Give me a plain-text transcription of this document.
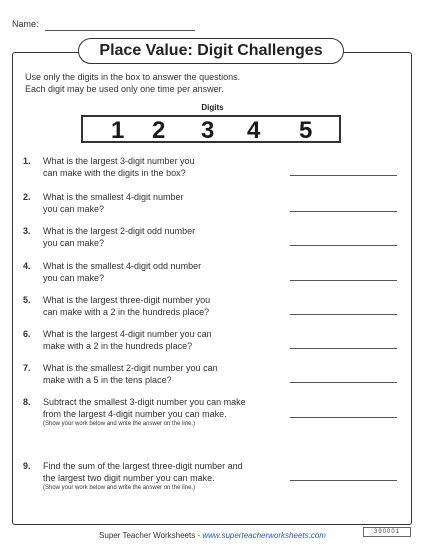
Name:
Place Value: Digit Challenges
Use only the digits in the box to answer the questions.
Each digit may be used only one time per answer.
Digits
1 2 3 4 5
1. What is the largest 3-digit number you
can make with the digits in the box?
2. What is the smallest 4-digit number
you can make?
3. What is the largest 2-digit odd number
you can make?
4. What is the smallest 4-digit odd number
you can make?
5. What is the largest three-digit number you
can make with a 2 in the hundreds place?
6. What is the largest 4-digit number you can
make with a 2 in the hundreds place?
7. What is the smallest 2-digit number you can
make with a 5 in the tens place?
8. Subtract the smallest 3-digit number you can make
from the largest 4-digit number you can make.
(Show your work below and write the answer on the line.)
9. Find the sum of the largest three-digit number and
the largest two digit number you can make.
(Show your work below and write the answer on the line.)
Super Teacher Worksheets - www.superteacherworksheets.com	390001
